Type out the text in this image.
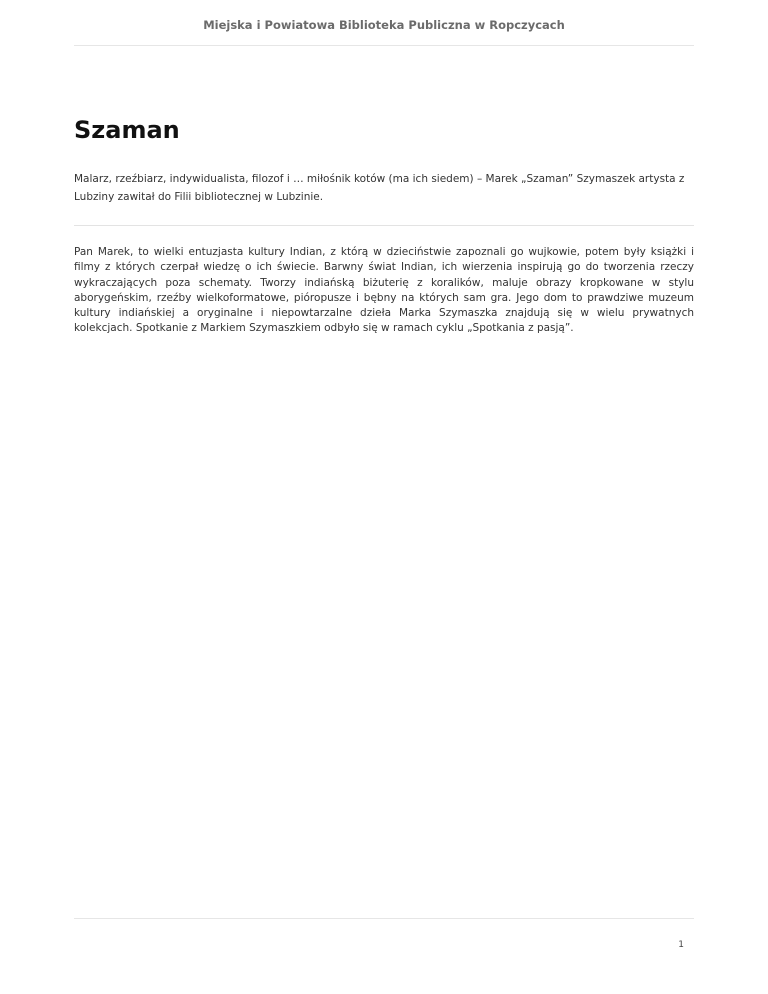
Miejska i Powiatowa Biblioteka Publiczna w Ropczycach
Szaman

Malarz, rzeźbiarz, indywidualista, filozof i … miłośnik kotów (ma ich siedem) – Marek „Szaman” Szymaszek artysta z Lubziny zawitał do Filii bibliotecznej w Lubzinie.

Pan Marek, to wielki entuzjasta kultury Indian, z którą w dzieciństwie zapoznali go wujkowie, potem były książki i filmy z których czerpał wiedzę o ich świecie. Barwny świat Indian, ich wierzenia inspirują go do tworzenia rzeczy wykraczających poza schematy. Tworzy indiańską biżuterię z koralików, maluje obrazy kropkowane w stylu aborygeńskim, rzeźby wielkoformatowe, pióropusze i bębny na których sam gra. Jego dom to prawdziwe muzeum kultury indiańskiej a oryginalne i niepowtarzalne dzieła Marka Szymaszka znajdują się w wielu prywatnych kolekcjach. Spotkanie z Markiem Szymaszkiem odbyło się w ramach cyklu „Spotkania z pasją”.

1
